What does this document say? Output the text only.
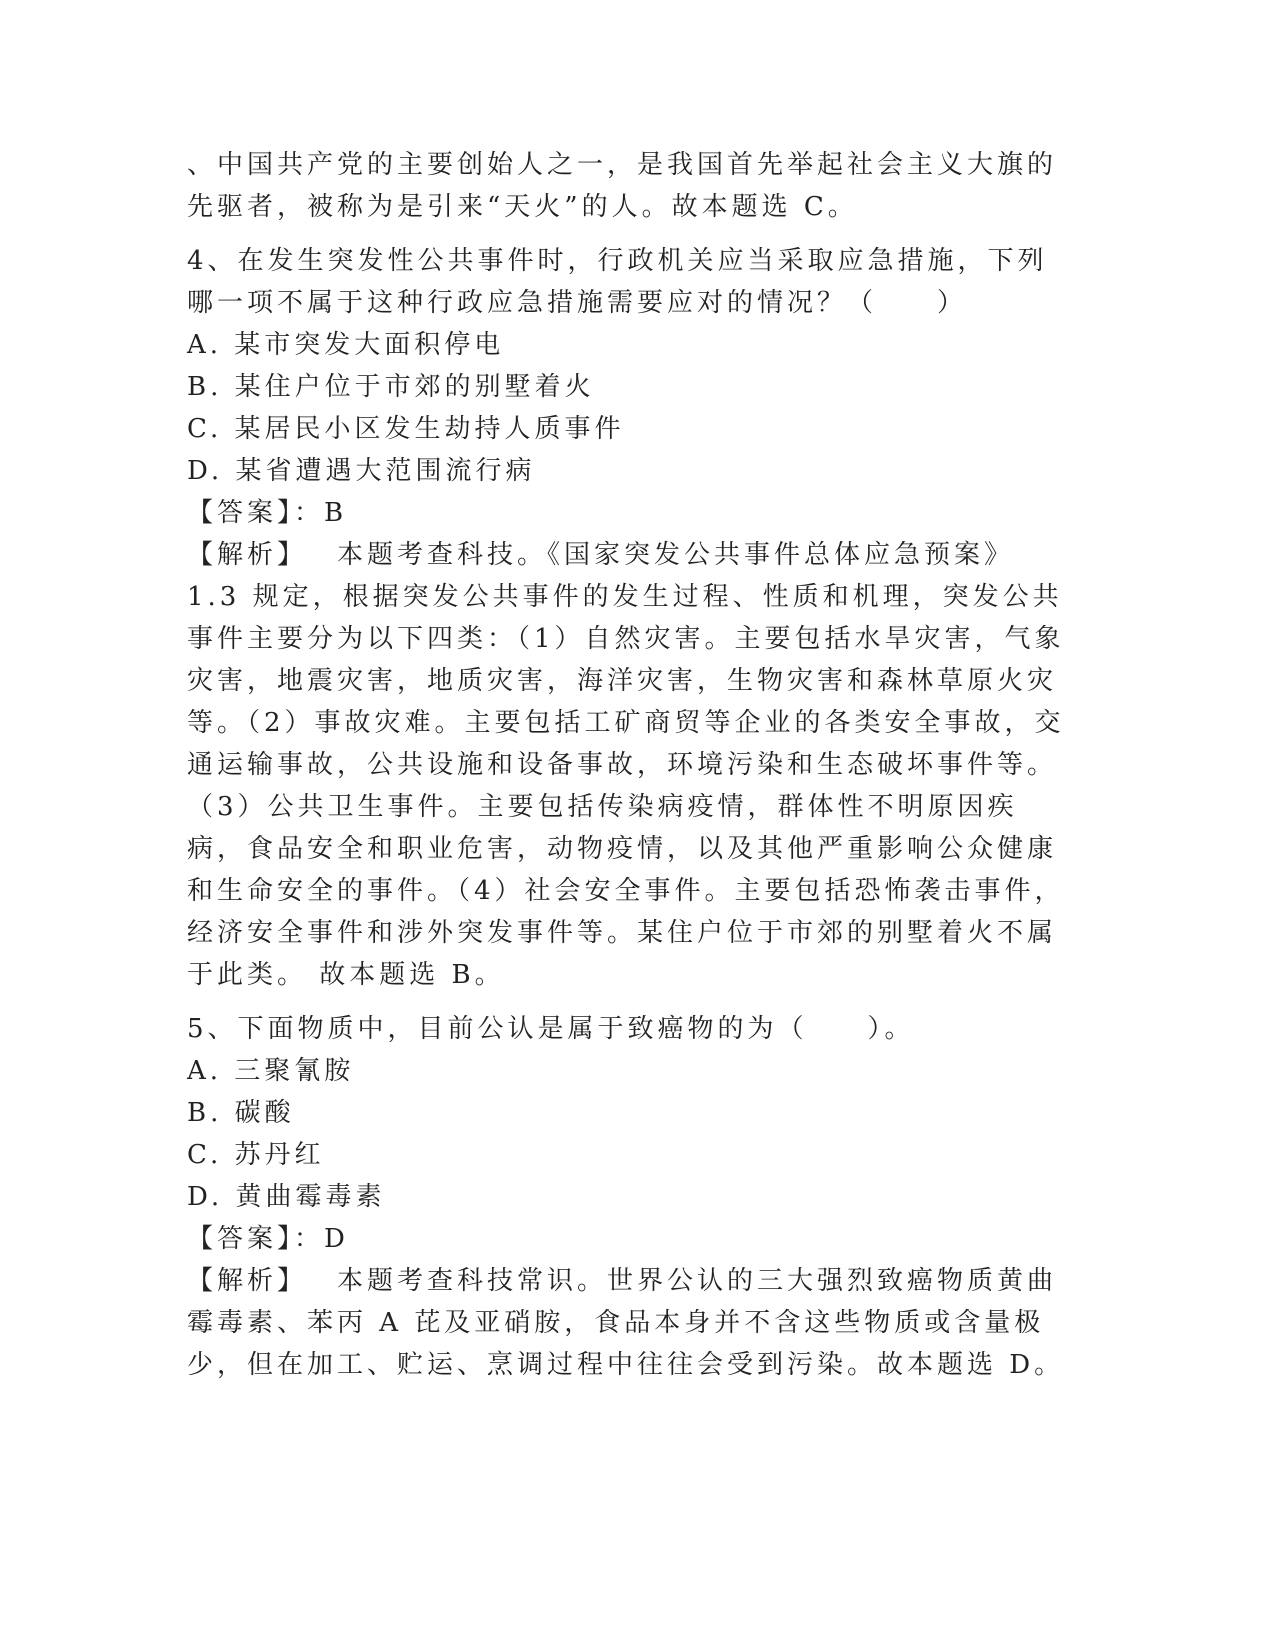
、中国共产党的主要创始人之一，是我国首先举起社会主义大旗的先驱者，被称为是引来“天火”的人。故本题选 C。

4、在发生突发性公共事件时，行政机关应当采取应急措施，下列哪一项不属于这种行政应急措施需要应对的情况？（　　）

A. 某市突发大面积停电

B. 某住户位于市郊的别墅着火

C. 某居民小区发生劫持人质事件

D. 某省遭遇大范围流行病

【答案】：B

【解析】  本题考查科技。《国家突发公共事件总体应急预案》1.3 规定，根据突发公共事件的发生过程、性质和机理，突发公共事件主要分为以下四类：（1）自然灾害。主要包括水旱灾害，气象灾害，地震灾害，地质灾害，海洋灾害，生物灾害和森林草原火灾等。（2）事故灾难。主要包括工矿商贸等企业的各类安全事故，交通运输事故，公共设施和设备事故，环境污染和生态破坏事件等。（3）公共卫生事件。主要包括传染病疫情，群体性不明原因疾病，食品安全和职业危害，动物疫情，以及其他严重影响公众健康和生命安全的事件。（4）社会安全事件。主要包括恐怖袭击事件，经济安全事件和涉外突发事件等。某住户位于市郊的别墅着火不属于此类。 故本题选 B。

5、下面物质中，目前公认是属于致癌物的为（　　）。

A. 三聚氰胺

B. 碳酸

C. 苏丹红

D. 黄曲霉毒素

【答案】：D

【解析】  本题考查科技常识。世界公认的三大强烈致癌物质黄曲霉毒素、苯丙 A 芘及亚硝胺，食品本身并不含这些物质或含量极少，但在加工、贮运、烹调过程中往往会受到污染。故本题选 D。
